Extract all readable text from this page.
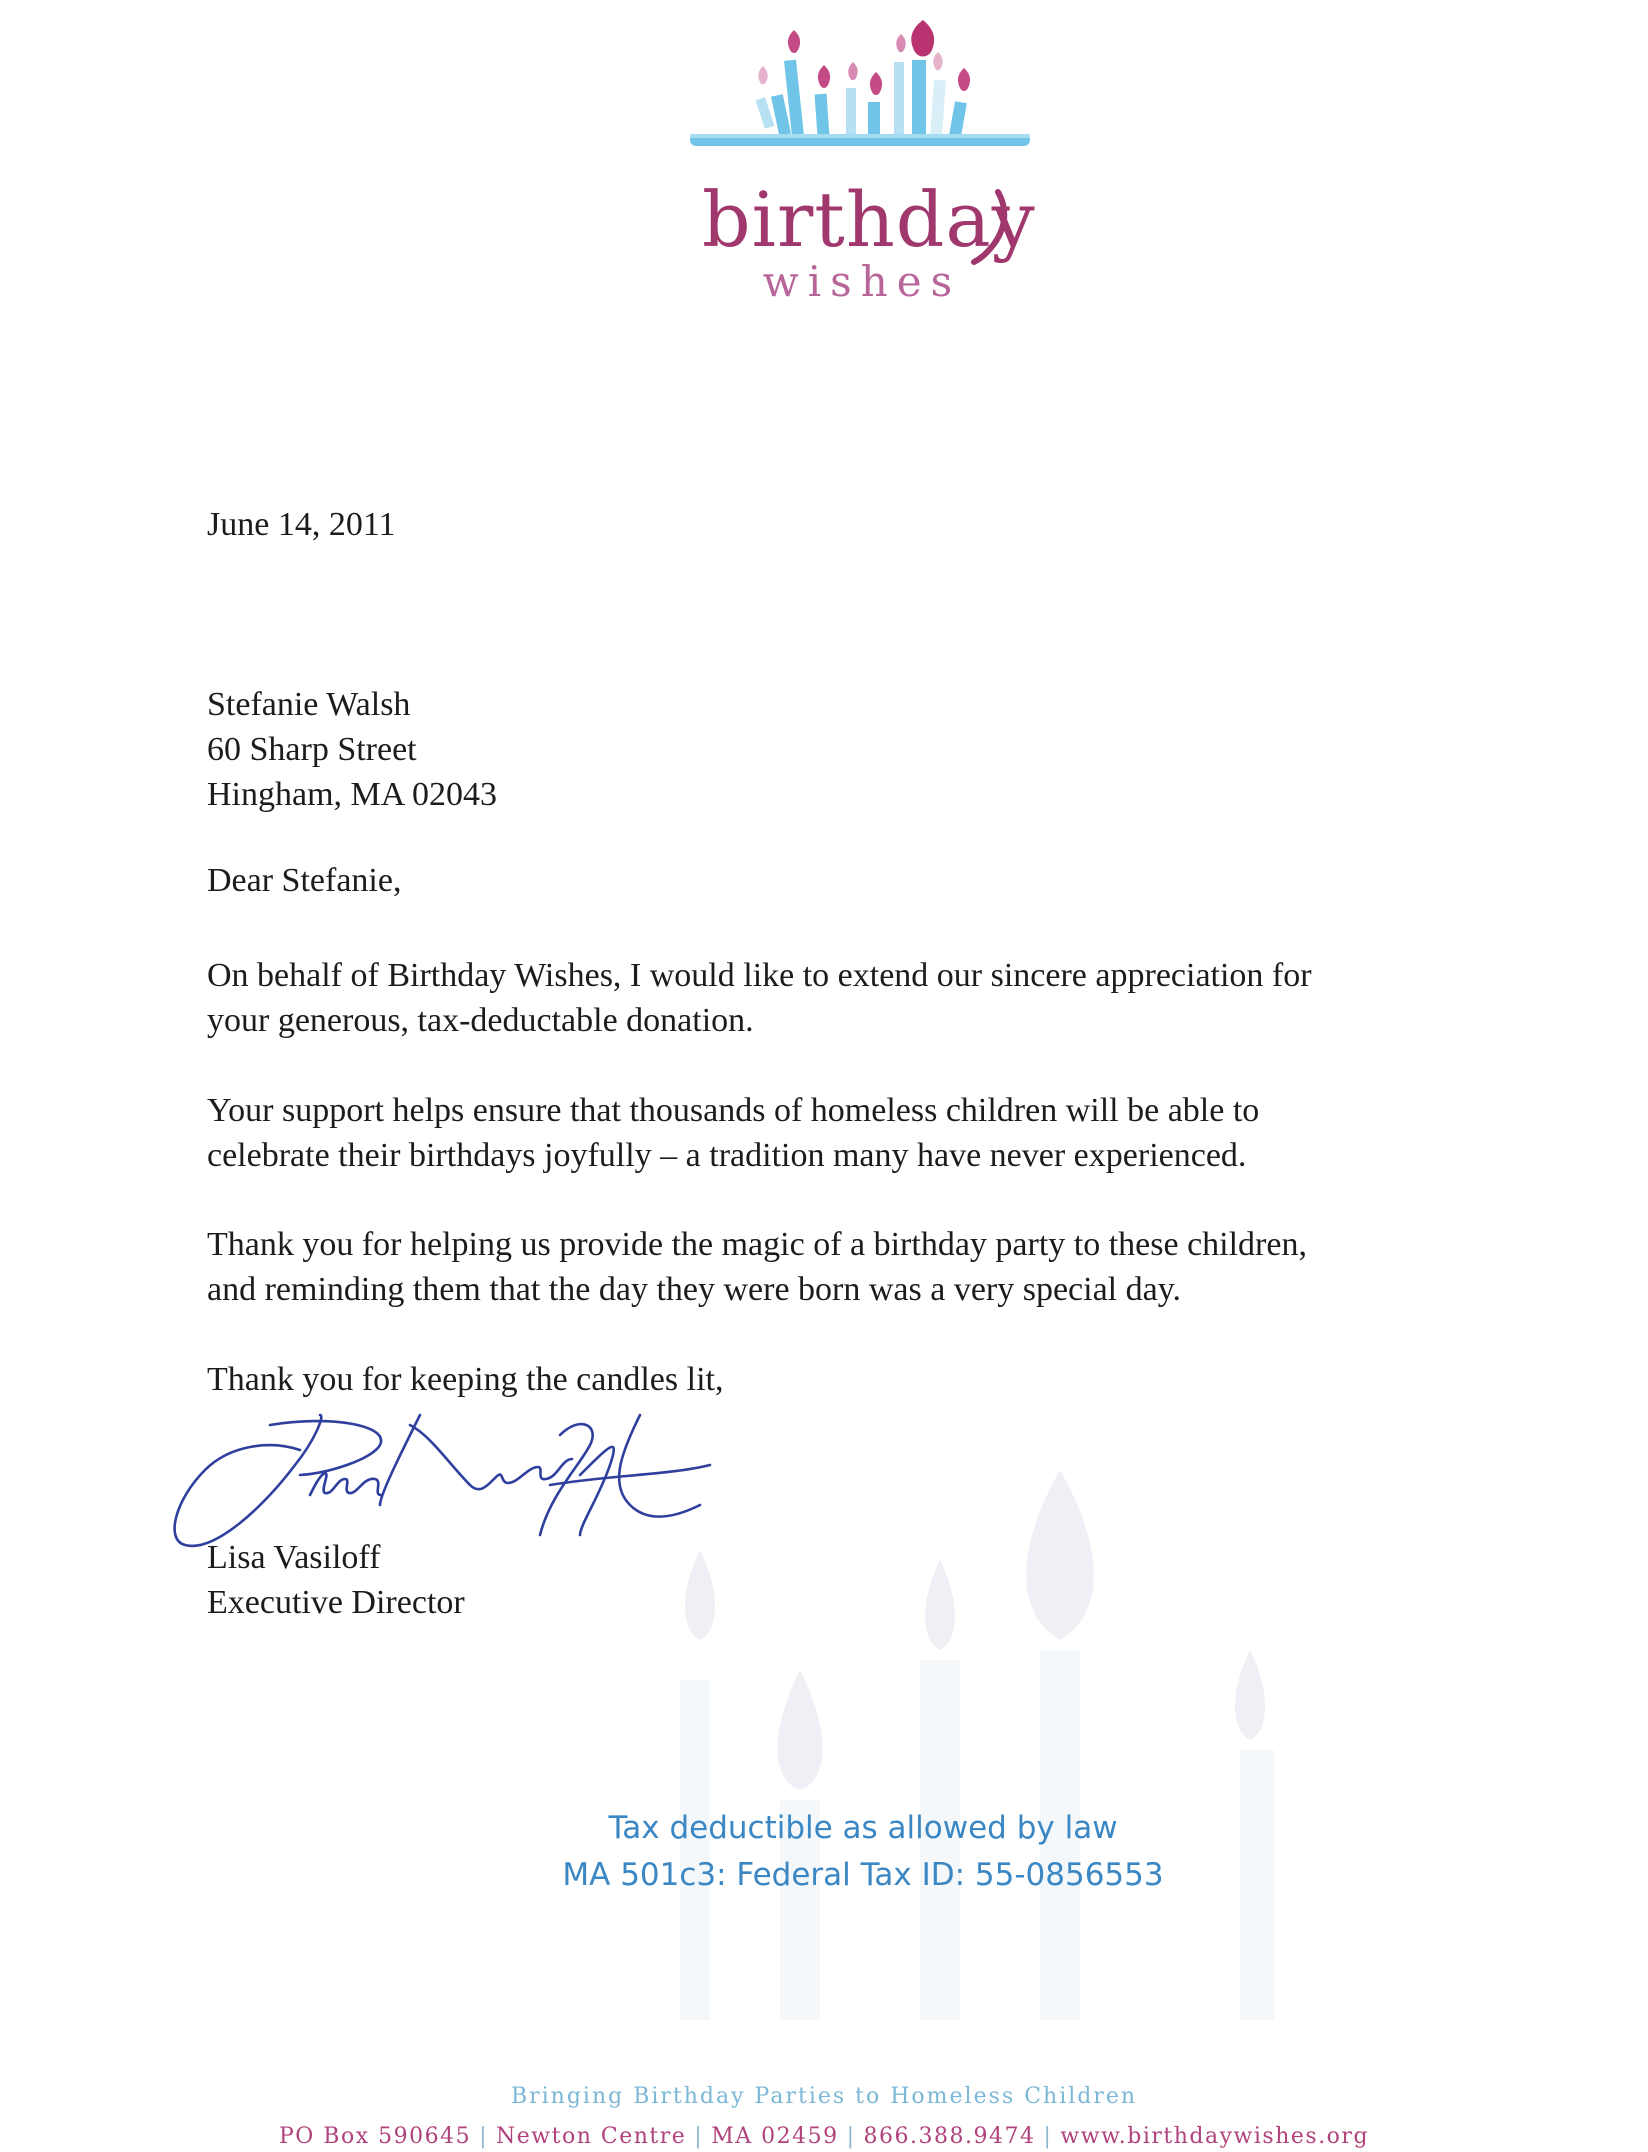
birthday
wishes
June 14, 2011
Stefanie Walsh
60 Sharp Street
Hingham, MA 02043
Dear Stefanie,
On behalf of Birthday Wishes, I would like to extend our sincere appreciation for
your generous, tax-deductable donation.
Your support helps ensure that thousands of homeless children will be able to
celebrate their birthdays joyfully – a tradition many have never experienced.
Thank you for helping us provide the magic of a birthday party to these children,
and reminding them that the day they were born was a very special day.
Thank you for keeping the candles lit,
Lisa Vasiloff
Executive Director
Tax deductible as allowed by law
MA 501c3: Federal Tax ID: 55-0856553
Bringing Birthday Parties to Homeless Children
PO Box 590645 | Newton Centre | MA 02459 | 866.388.9474 | www.birthdaywishes.org
